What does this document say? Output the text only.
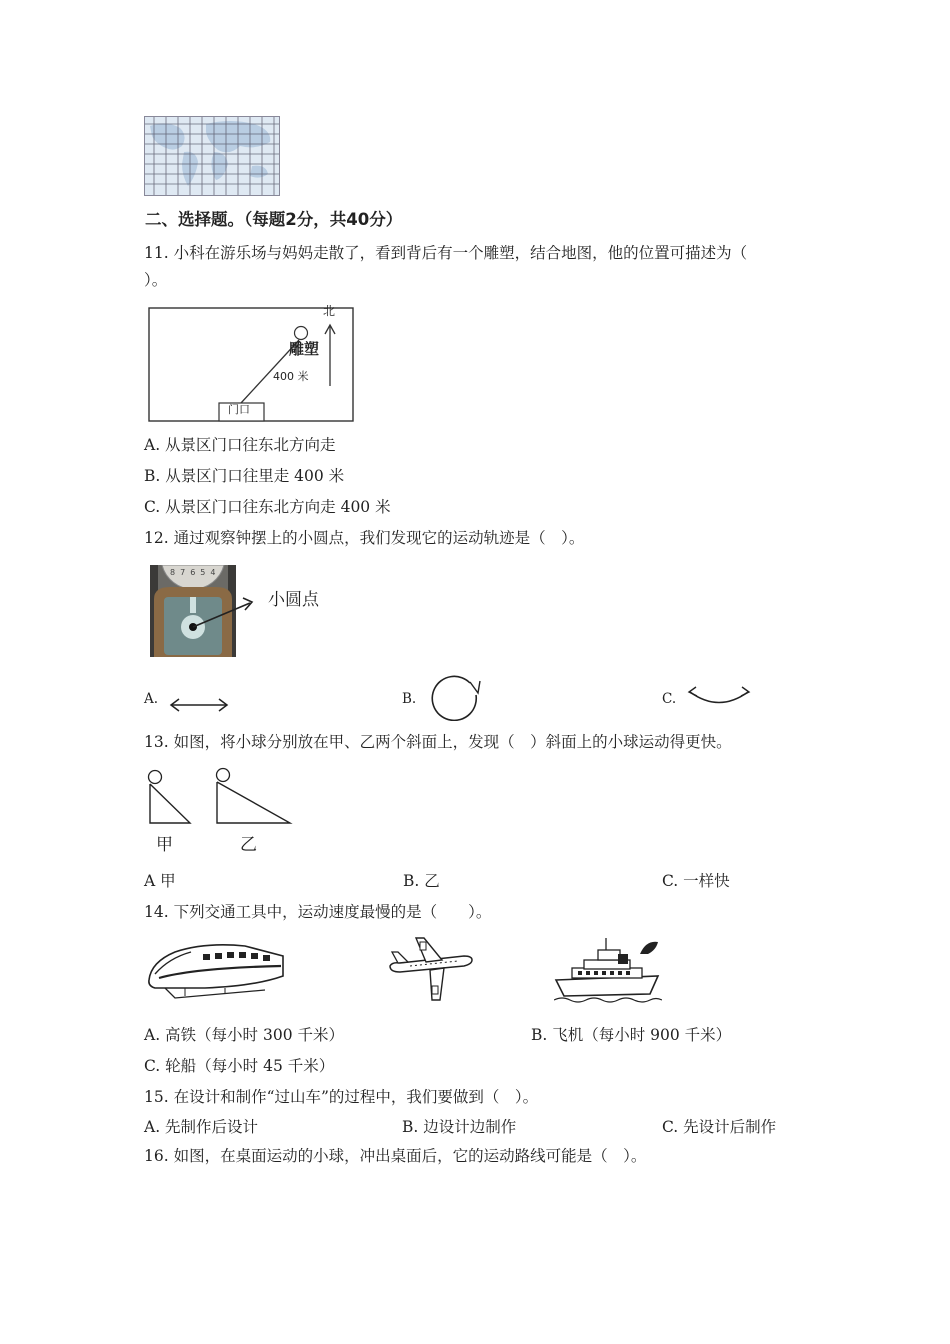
二、选择题。（每题2分，共40分）
11. 小科在游乐场与妈妈走散了，看到背后有一个雕塑，结合地图，他的位置可描述为（
）。
北
雕塑
400 米
门口
A. 从景区门口往东北方向走
B. 从景区门口往里走 400 米
C. 从景区门口往东北方向走 400 米
12. 通过观察钟摆上的小圆点，我们发现它的运动轨迹是（　）。
87654
小圆点
A.	B.	C.
13. 如图，将小球分别放在甲、乙两个斜面上，发现（　）斜面上的小球运动得更快。
甲	乙
A 甲	B. 乙	C. 一样快
14. 下列交通工具中，运动速度最慢的是（　　）。
A. 高铁（每小时 300 千米）	B. 飞机（每小时 900 千米）
C. 轮船（每小时 45 千米）
15. 在设计和制作“过山车”的过程中，我们要做到（　）。
A. 先制作后设计	B. 边设计边制作	C. 先设计后制作
16. 如图，在桌面运动的小球，冲出桌面后，它的运动路线可能是（　）。
